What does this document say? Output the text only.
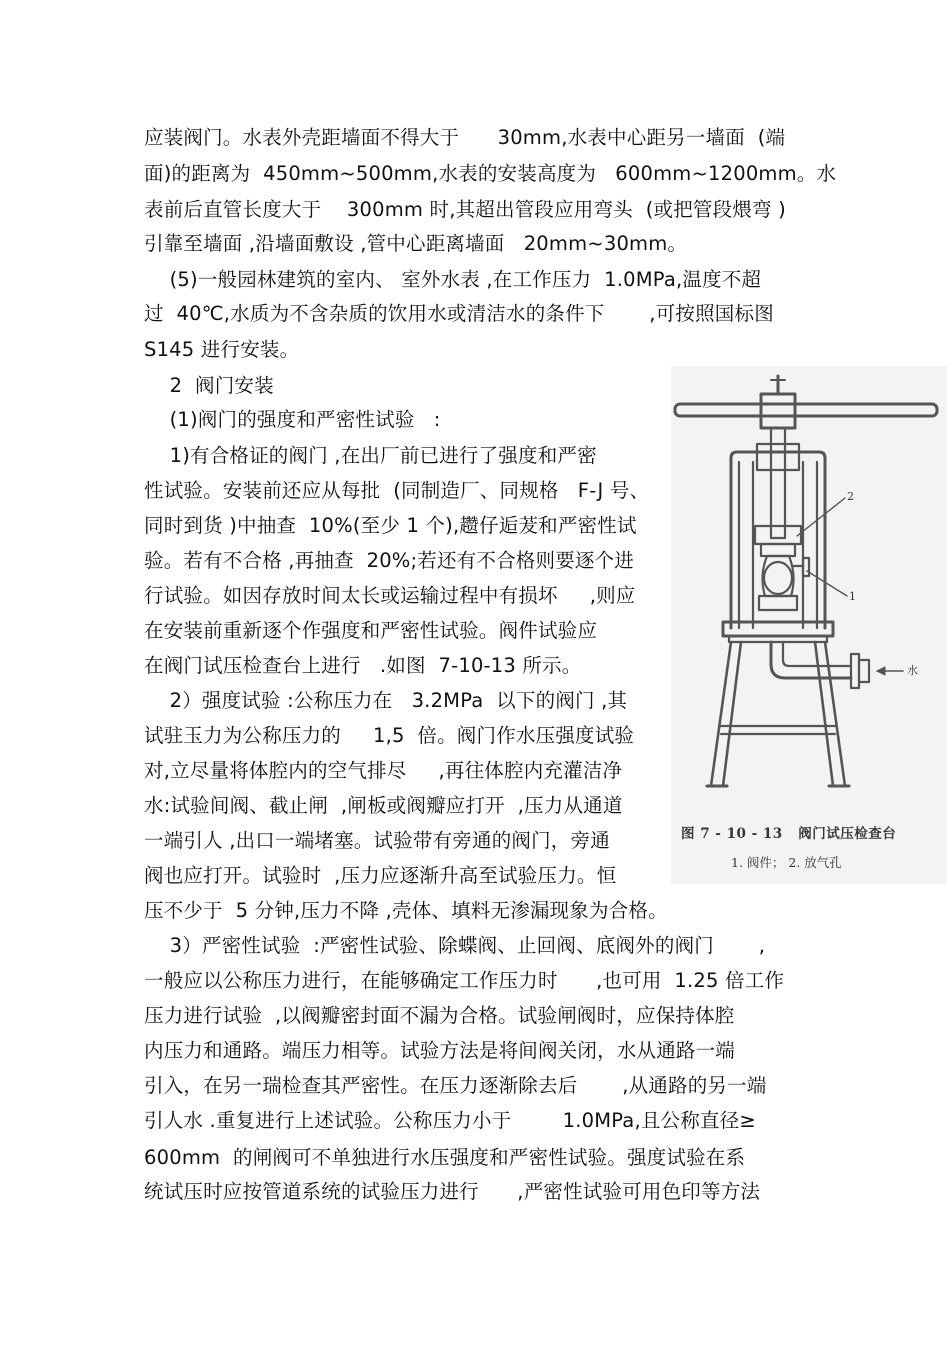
应装阀门。水表外壳距墙面不得大于      30mm,水表中心距另一墙面  (端
面)的距离为  450mm~500mm,水表的安装高度为   600mm~1200mm。水
表前后直管长度大于    300mm 时,其超出管段应用弯头  (或把管段煨弯 )
引靠至墙面 ,沿墙面敷设 ,管中心距离墙面   20mm~30mm。
(5)一般园林建筑的室内、 室外水表 ,在工作压力  1.0MPa,温度不超
过  40℃,水质为不含杂质的饮用水或清洁水的条件下       ,可按照国标图
S145 进行安装。
2  阀门安装
(1)阀门的强度和严密性试验   :
1)有合格证的阀门 ,在出厂前已进行了强度和严密
性试验。安装前还应从每批  (同制造厂、同规格   F-J 号、
同时到货 )中抽查  10%(至少 1 个),趱仔逅茇和严密性试
验。若有不合格 ,再抽查  20%;若还有不合格则要逐个进
行试验。如因存放时间太长或运输过程中有损坏     ,则应
在安装前重新逐个作强度和严密性试验。阀件试验应
在阀门试压检查台上进行   .如图  7-10-13 所示。
2）强度试验 :公称压力在   3.2MPa  以下的阀门 ,其
试驻玉力为公称压力的     1,5  倍。阀门作水压强度试验
对,立尽量将体腔内的空气排尽     ,再往体腔内充灌洁净
水:试验间阀、截止闸  ,闸板或阀瓣应打开  ,压力从通道
一端引人 ,出口一端堵塞。试验带有旁通的阀门，旁通
阀也应打开。试验时  ,压力应逐渐升高至试验压力。恒
压不少于  5 分钟,压力不降 ,壳体、填料无渗漏现象为合格。
3）严密性试验  :严密性试验、除蝶阀、止回阀、底阀外的阀门       ,
一般应以公称压力进行，在能够确定工作压力时      ,也可用  1.25 倍工作
压力进行试验  ,以阀瓣密封面不漏为合格。试验闸阀时，应保持体腔
内压力和通路。端压力相等。试验方法是将间阀关闭，水从通路一端
引入，在另一瑞检查其严密性。在压力逐渐除去后       ,从通路的另一端
引人水 .重复进行上述试验。公称压力小于        1.0MPa,且公称直径≥
600mm  的闸阀可不单独进行水压强度和严密性试验。强度试验在系
统试压时应按管道系统的试验压力进行      ,严密性试验可用色印等方法
2
1
水
图 7 - 10 - 13   阀门试压检查台
1. 阀件； 2. 放气孔
